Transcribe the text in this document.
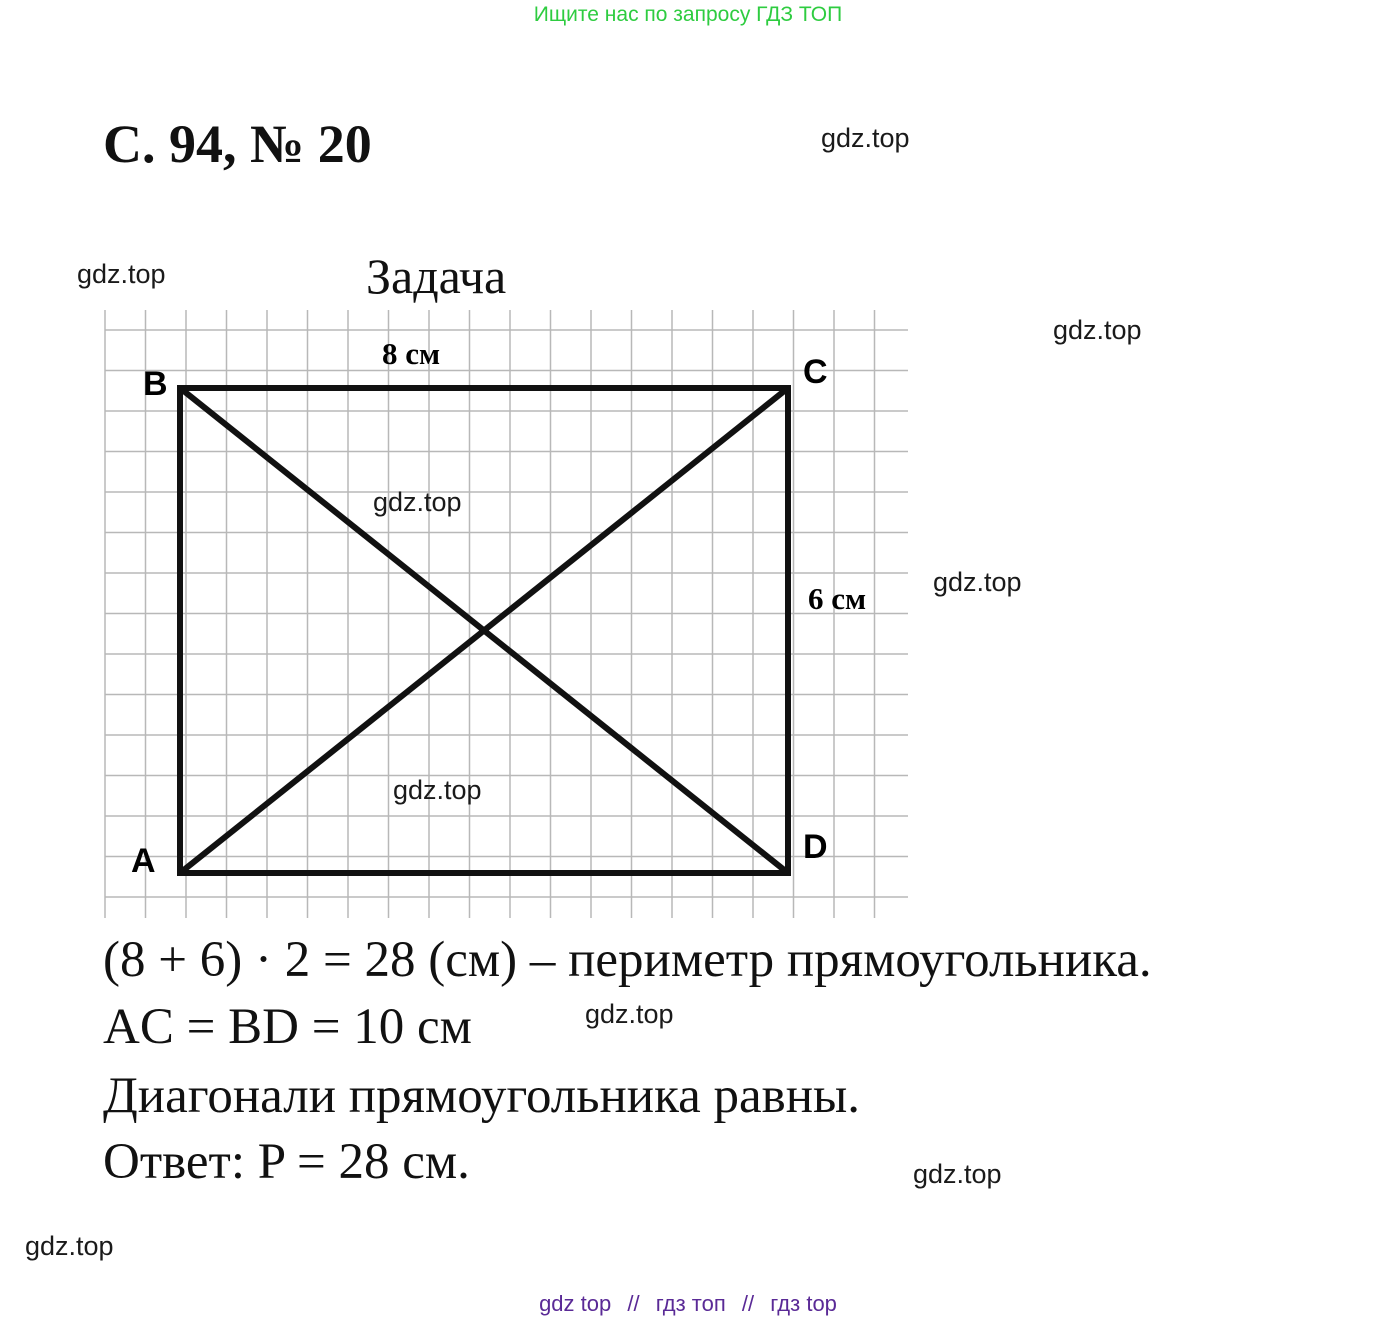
Ищите нас по запросу ГДЗ ТОП
С. 94, № 20
Задача
B	C
A	D
8 см
6 см
(8 + 6) · 2 = 28 (см) – периметр прямоугольника.
AC = BD = 10 см
Диагонали прямоугольника равны.
Ответ: P = 28 см.
gdz.top
gdz.top
gdz.top
gdz.top
gdz.top
gdz.top
gdz.top
gdz.top
gdz.top
gdz top // гдз топ // гдз top
